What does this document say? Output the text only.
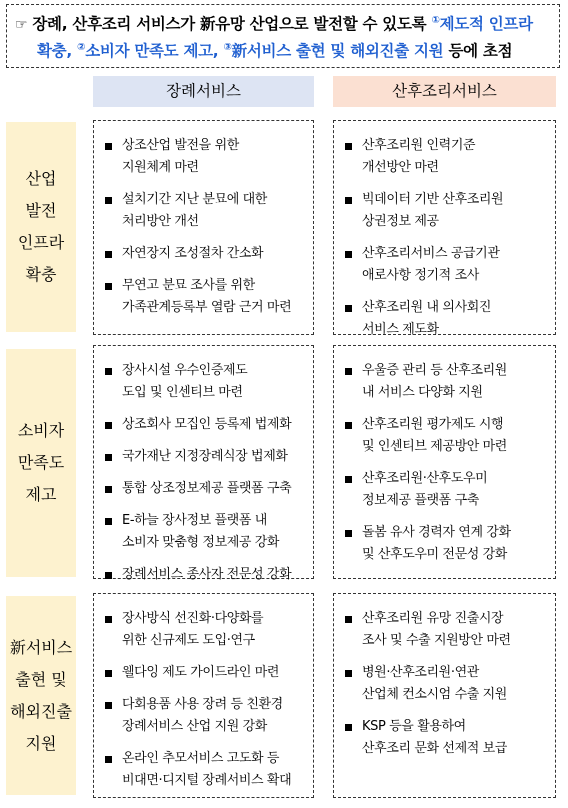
☞ 장례, 산후조리 서비스가 新유망 산업으로 발전할 수 있도록 ①제도적 인프라
확충, ②소비자 만족도 제고, ③新서비스 출현 및 해외진출 지원 등에 초점
장례서비스	산후조리서비스
산업
발전
인프라
확충
상조산업 발전을 위한
지원체계 마련
설치기간 지난 분묘에 대한
처리방안 개선
자연장지 조성절차 간소화
무연고 분묘 조사를 위한
가족관계등록부 열람 근거 마련
산후조리원 인력기준
개선방안 마련
빅데이터 기반 산후조리원
상권정보 제공
산후조리서비스 공급기관
애로사항 정기적 조사
산후조리원 내 의사회진
서비스 제도화
소비자
만족도
제고
장사시설 우수인증제도
도입 및 인센티브 마련
상조회사 모집인 등록제 법제화
국가재난 지정장례식장 법제화
통합 상조정보제공 플랫폼 구축
E-하늘 장사정보 플랫폼 내
소비자 맞춤형 정보제공 강화
장례서비스 종사자 전문성 강화
우울증 관리 등 산후조리원
내 서비스 다양화 지원
산후조리원 평가제도 시행
및 인센티브 제공방안 마련
산후조리원·산후도우미
정보제공 플랫폼 구축
돌봄 유사 경력자 연계 강화
및 산후도우미 전문성 강화
新서비스
출현 및
해외진출
지원
장사방식 선진화·다양화를
위한 신규제도 도입·연구
웰다잉 제도 가이드라인 마련
다회용품 사용 장려 등 친환경
장례서비스 산업 지원 강화
온라인 추모서비스 고도화 등
비대면·디지털 장례서비스 확대
산후조리원 유망 진출시장
조사 및 수출 지원방안 마련
병원·산후조리원·연관
산업체 컨소시엄 수출 지원
KSP 등을 활용하여
산후조리 문화 선제적 보급
